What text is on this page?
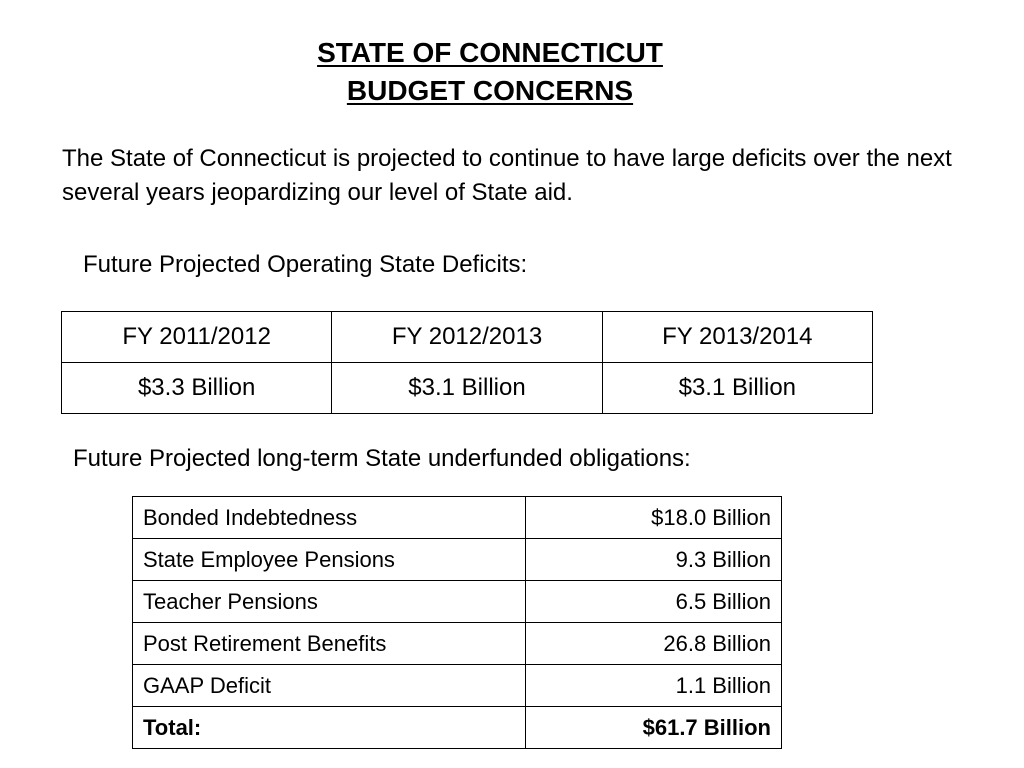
STATE OF CONNECTICUT
BUDGET CONCERNS
The State of Connecticut is projected to continue to have large deficits over the next several years jeopardizing our level of State aid.
Future Projected Operating State Deficits:
FY 2011/2012	FY 2012/2013	FY 2013/2014
$3.3 Billion	$3.1 Billion	$3.1 Billion
Future Projected long-term State underfunded obligations:
Bonded Indebtedness	$18.0 Billion
State Employee Pensions	9.3 Billion
Teacher Pensions	6.5 Billion
Post Retirement Benefits	26.8 Billion
GAAP Deficit	1.1 Billion
Total:	$61.7 Billion
